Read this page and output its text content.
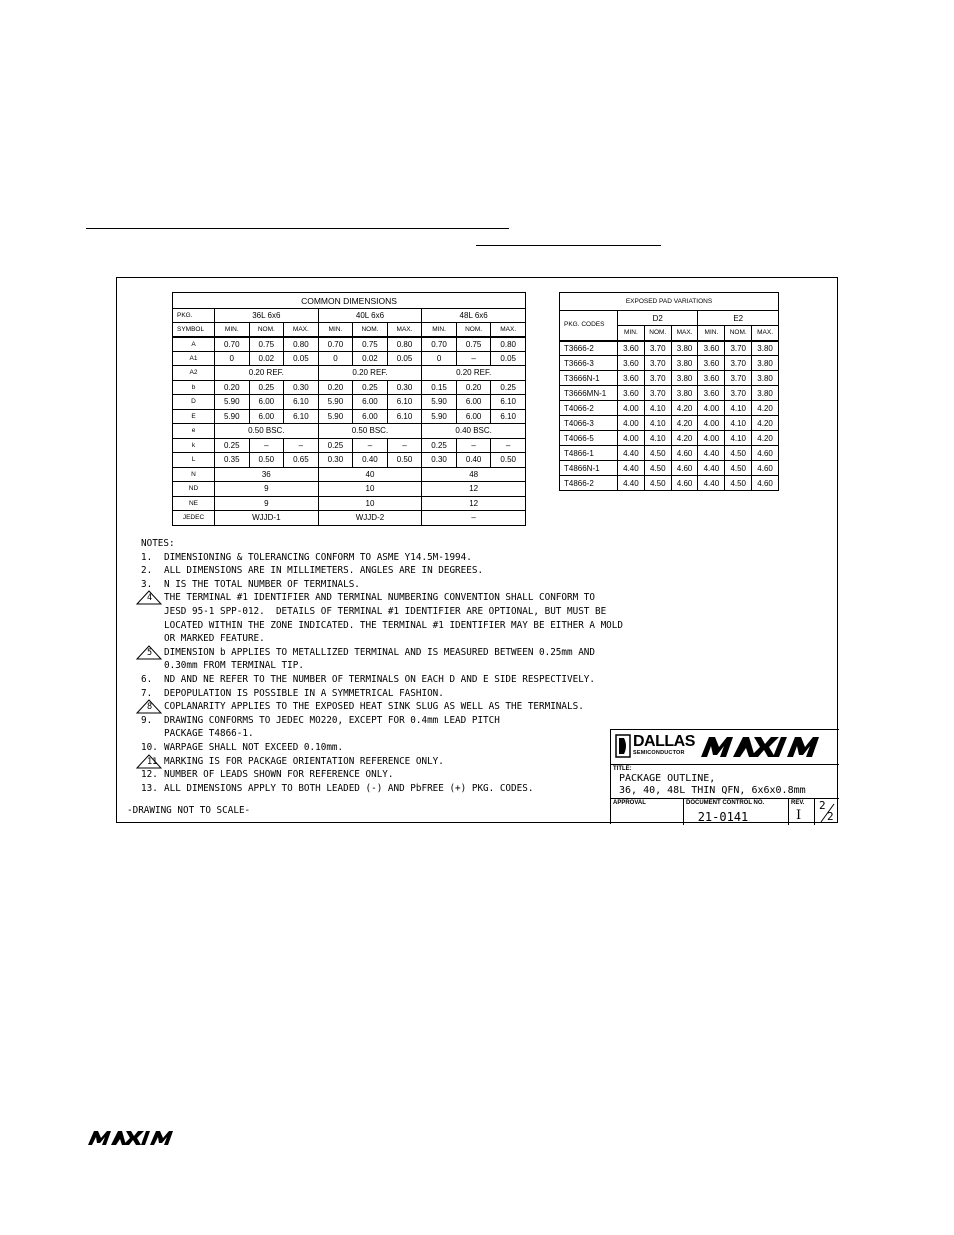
COMMON DIMENSIONS									
PKG.	36L 6x6			40L 6x6			48L 6x6		
SYMBOL	MIN.	NOM.	MAX.	MIN.	NOM.	MAX.	MIN.	NOM.	MAX.
A	0.70	0.75	0.80	0.70	0.75	0.80	0.70	0.75	0.80
A1	0	0.02	0.05	0	0.02	0.05	0	–	0.05
A2	0.20 REF.			0.20 REF.			0.20 REF.		
b	0.20	0.25	0.30	0.20	0.25	0.30	0.15	0.20	0.25
D	5.90	6.00	6.10	5.90	6.00	6.10	5.90	6.00	6.10
E	5.90	6.00	6.10	5.90	6.00	6.10	5.90	6.00	6.10
e	0.50 BSC.			0.50 BSC.			0.40 BSC.		
k	0.25	–	–	0.25	–	–	0.25	–	–
L	0.35	0.50	0.65	0.30	0.40	0.50	0.30	0.40	0.50
N	36			40			48		
ND	9			10			12		
NE	9			10			12		
JEDEC	WJJD-1			WJJD-2			–		
EXPOSED PAD VARIATIONS						
PKG. CODES	D2			E2		
	MIN.	NOM.	MAX.	MIN.	NOM.	MAX.
T3666-2	3.60	3.70	3.80	3.60	3.70	3.80
T3666-3	3.60	3.70	3.80	3.60	3.70	3.80
T3666N-1	3.60	3.70	3.80	3.60	3.70	3.80
T3666MN-1	3.60	3.70	3.80	3.60	3.70	3.80
T4066-2	4.00	4.10	4.20	4.00	4.10	4.20
T4066-3	4.00	4.10	4.20	4.00	4.10	4.20
T4066-5	4.00	4.10	4.20	4.00	4.10	4.20
T4866-1	4.40	4.50	4.60	4.40	4.50	4.60
T4866N-1	4.40	4.50	4.60	4.40	4.50	4.60
T4866-2	4.40	4.50	4.60	4.40	4.50	4.60
NOTES:
1.	DIMENSIONING & TOLERANCING CONFORM TO ASME Y14.5M-1994.
2.	ALL DIMENSIONS ARE IN MILLIMETERS. ANGLES ARE IN DEGREES.
3.	N IS THE TOTAL NUMBER OF TERMINALS.
4	THE TERMINAL #1 IDENTIFIER AND TERMINAL NUMBERING CONVENTION SHALL CONFORM TO
JESD 95-1 SPP-012.  DETAILS OF TERMINAL #1 IDENTIFIER ARE OPTIONAL, BUT MUST BE
LOCATED WITHIN THE ZONE INDICATED. THE TERMINAL #1 IDENTIFIER MAY BE EITHER A MOLD
OR MARKED FEATURE.
5	DIMENSION b APPLIES TO METALLIZED TERMINAL AND IS MEASURED BETWEEN 0.25mm AND
0.30mm FROM TERMINAL TIP.
6.	ND AND NE REFER TO THE NUMBER OF TERMINALS ON EACH D AND E SIDE RESPECTIVELY.
7.	DEPOPULATION IS POSSIBLE IN A SYMMETRICAL FASHION.
8	COPLANARITY APPLIES TO THE EXPOSED HEAT SINK SLUG AS WELL AS THE TERMINALS.
9.	DRAWING CONFORMS TO JEDEC MO220, EXCEPT FOR 0.4mm LEAD PITCH
PACKAGE T4866-1.
10. WARPAGE SHALL NOT EXCEED 0.10mm.
11 MARKING IS FOR PACKAGE ORIENTATION REFERENCE ONLY.
12. NUMBER OF LEADS SHOWN FOR REFERENCE ONLY.
13. ALL DIMENSIONS APPLY TO BOTH LEADED (-) AND PbFREE (+) PKG. CODES.
-DRAWING NOT TO SCALE-
DALLAS
SEMICONDUCTOR
MAXIM
TITLE:
PACKAGE OUTLINE,
36, 40, 48L THIN QFN, 6x6x0.8mm
APPROVAL	DOCUMENT CONTROL NO.
21-0141
REV.
I
2
2
MAXIM
